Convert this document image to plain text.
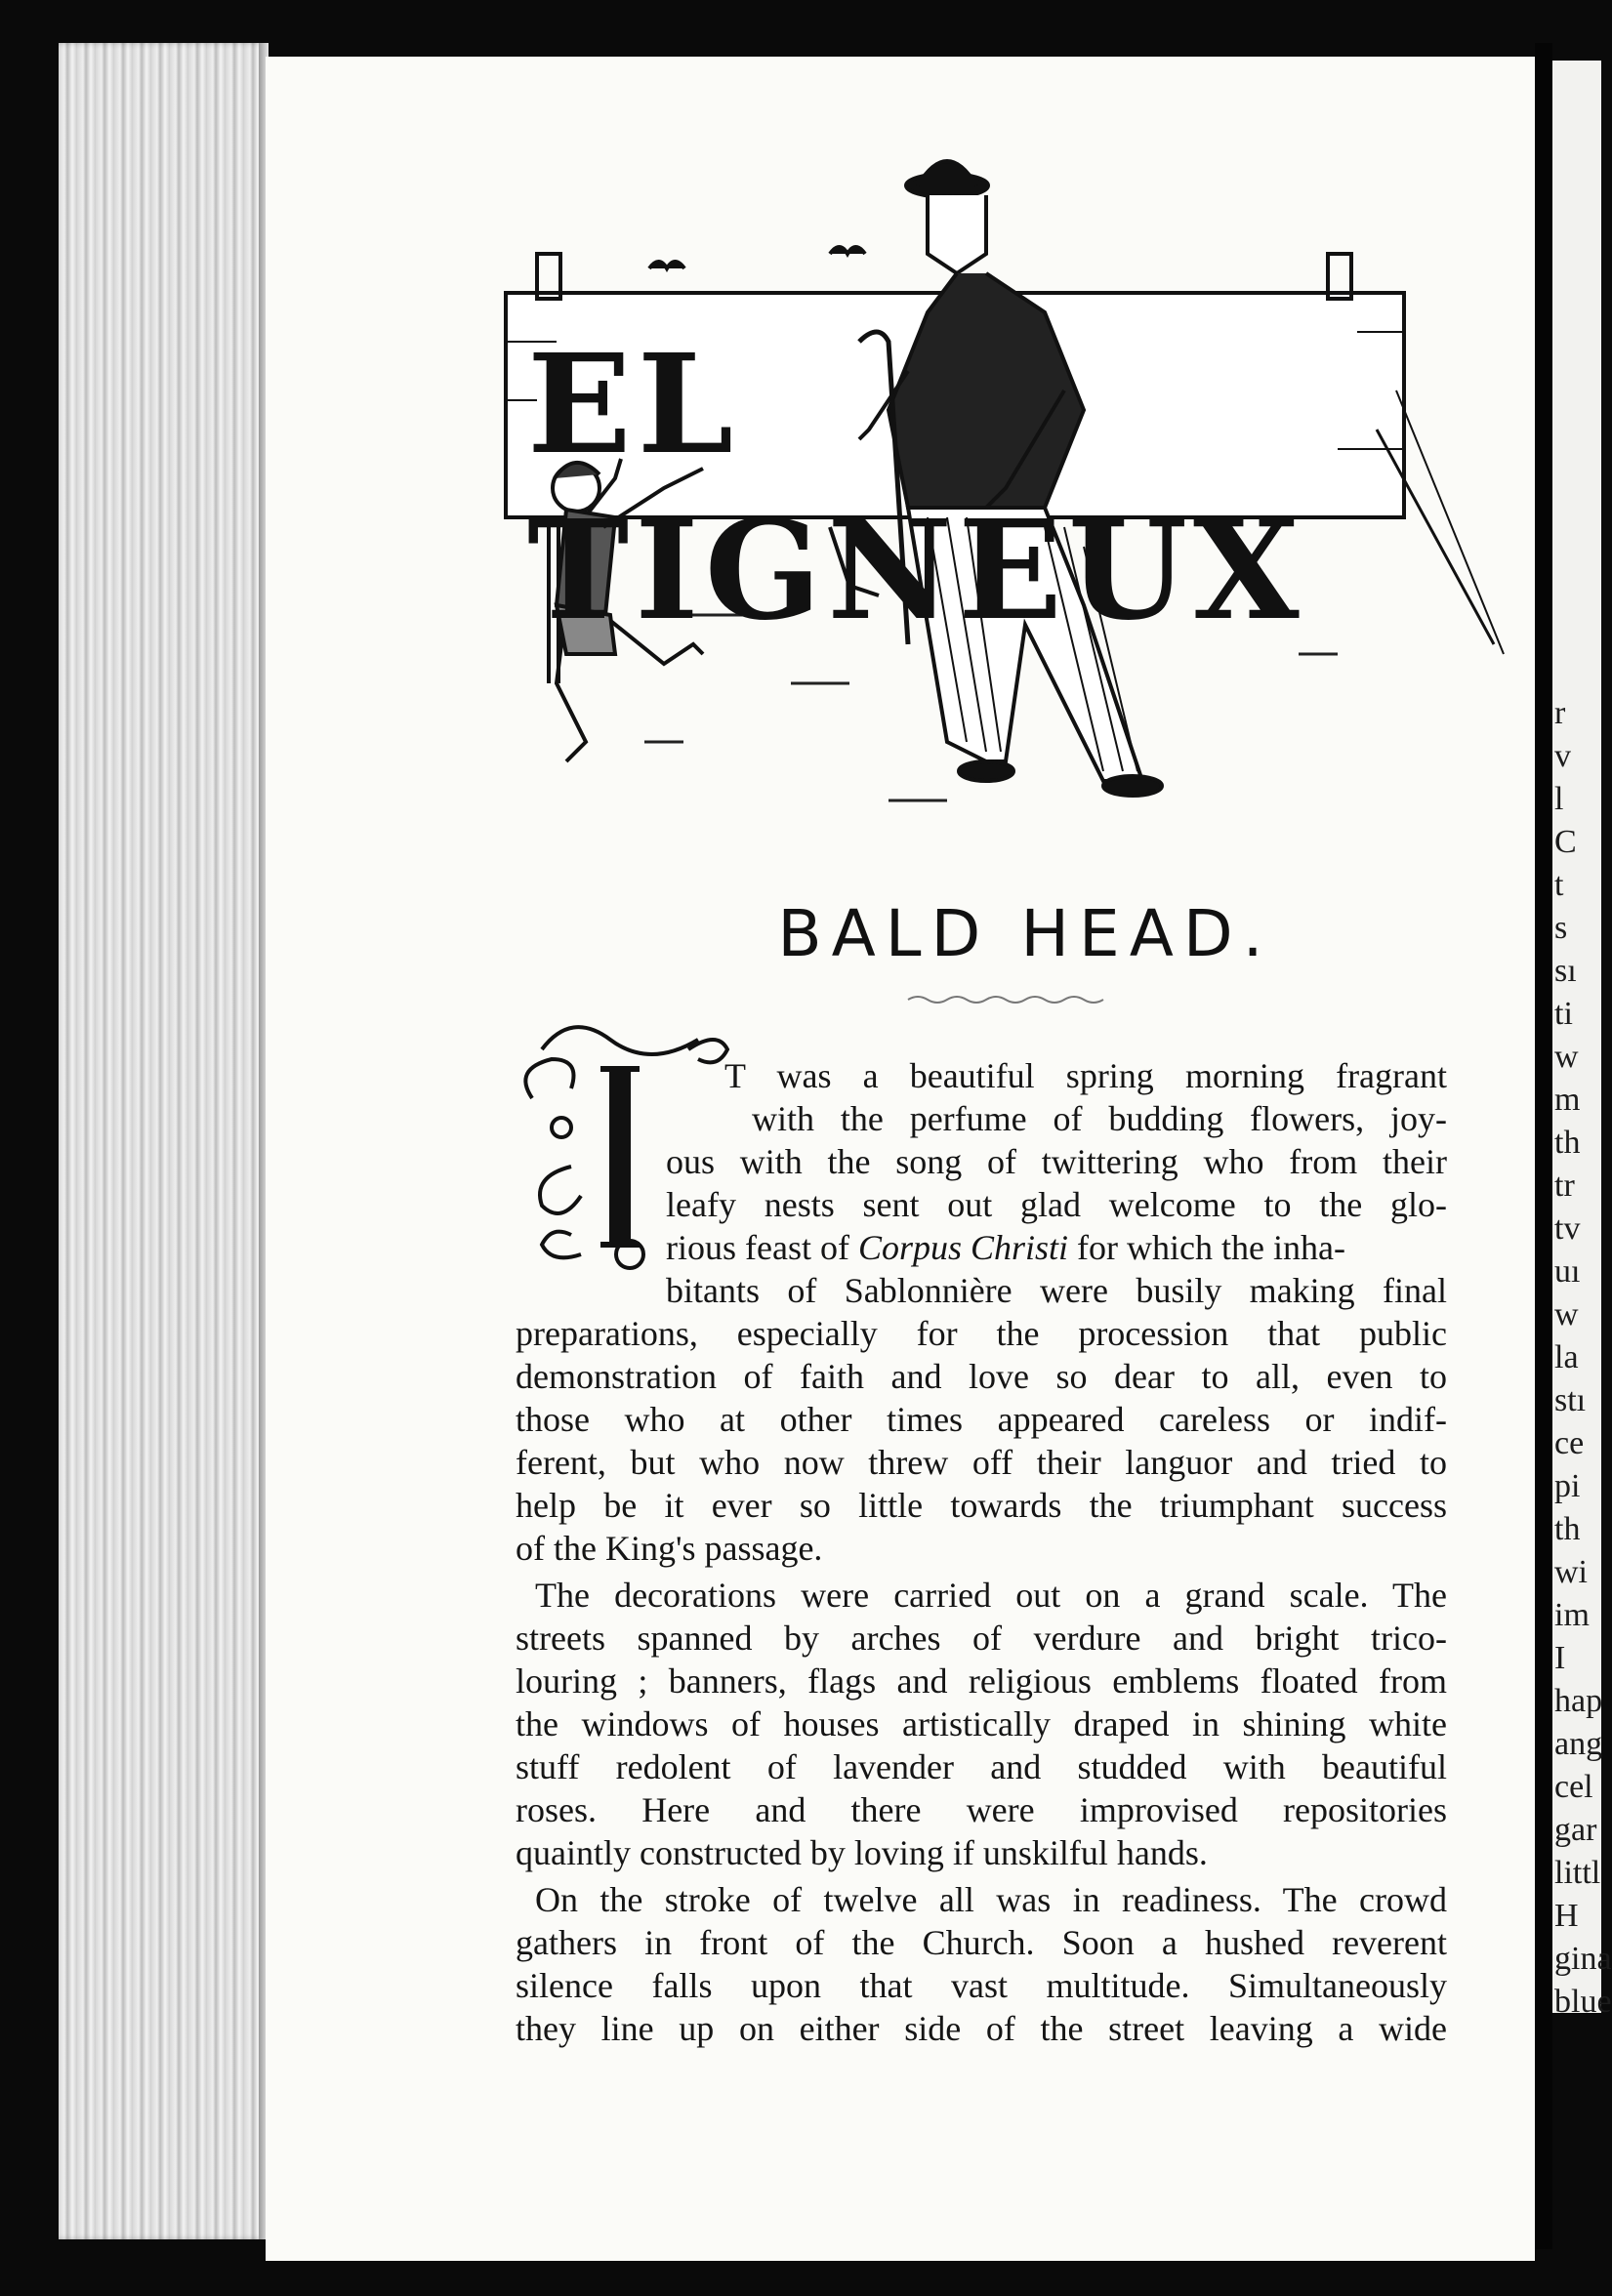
r
v
l
C
t
s
sı
ti
w
m
th
tr
tv
uı
w
la
stı
ce
pi
th
wi
im
I
hap
ang
cel
gar
littl
H
gina
blue
EL TIGNEUX
BALD HEAD.
T was a beautiful spring morning fragrant
with the perfume of budding flowers, joy-
ous with the song of twittering who from their
leafy nests sent out glad welcome to the glo-
rious feast of Corpus Christi for which the inha-
bitants of Sablonnière were busily making final
preparations, especially for the procession that public
demonstration of faith and love so dear to all, even to
those who at other times appeared careless or indif-
ferent, but who now threw off their languor and tried to
help be it ever so little towards the triumphant success
of the King's passage.
The decorations were carried out on a grand scale. The
streets spanned by arches of verdure and bright trico-
louring ; banners, flags and religious emblems floated from
the windows of houses artistically draped in shining white
stuff redolent of lavender and studded with beautiful
roses. Here and there were improvised repositories
quaintly constructed by loving if unskilful hands.
On the stroke of twelve all was in readiness. The crowd
gathers in front of the Church. Soon a hushed reverent
silence falls upon that vast multitude. Simultaneously
they line up on either side of the street leaving a wide
